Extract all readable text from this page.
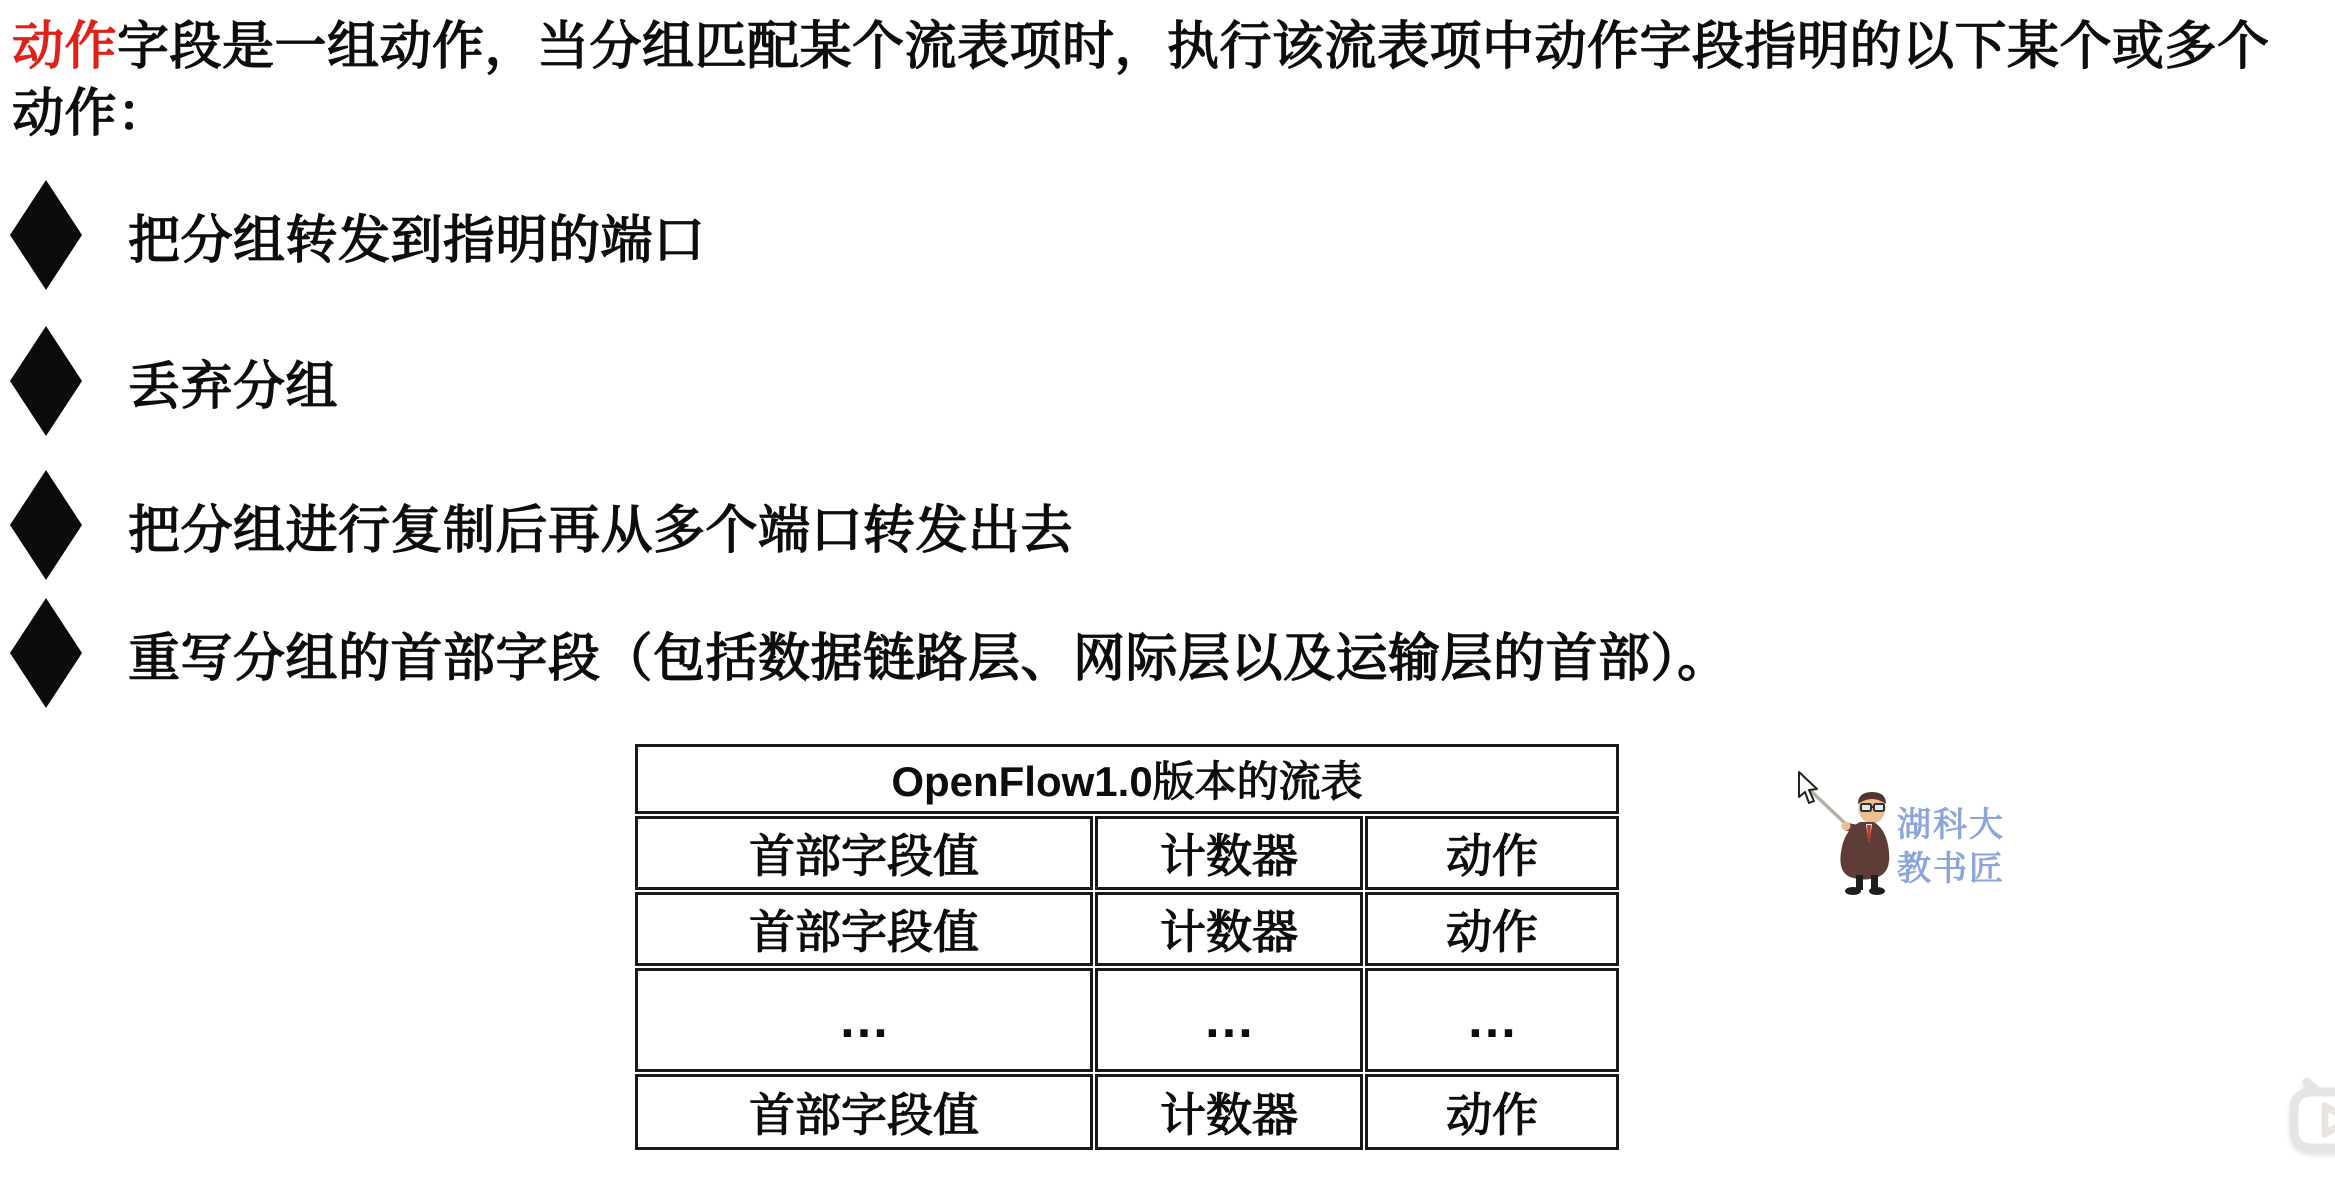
动作字段是一组动作，当分组匹配某个流表项时，执行该流表项中动作字段指明的以下某个或多个
动作：
把分组转发到指明的端口
丢弃分组
把分组进行复制后再从多个端口转发出去
重写分组的首部字段（包括数据链路层、网际层以及运输层的首部）。
OpenFlow1.0版本的流表		
首部字段值	计数器	动作
首部字段值	计数器	动作
…	…	…
首部字段值	计数器	动作
湖科大
教书匠
